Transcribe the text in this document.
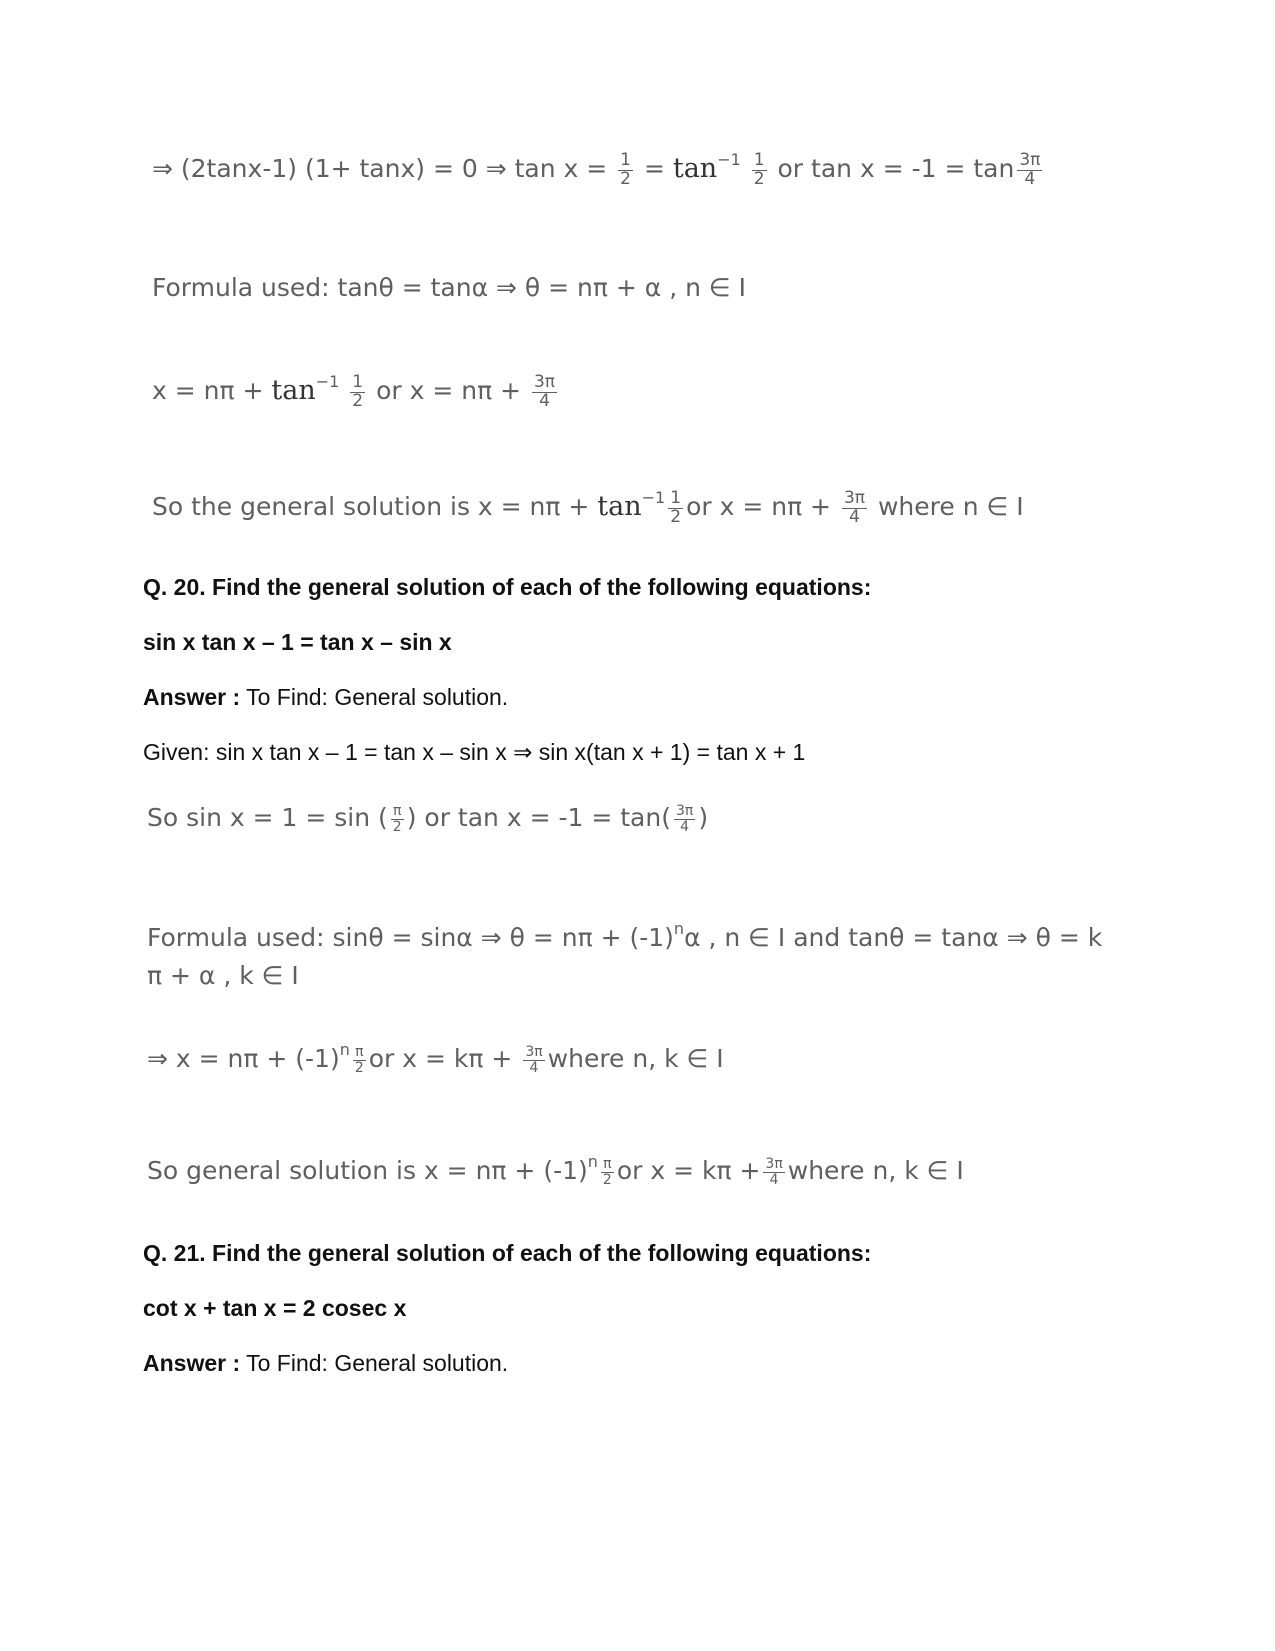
⇒ (2tanx-1) (1+ tanx) = 0 ⇒ $\tan x = \frac{1}{2} = \tan^{-1} \frac{1}{2}$ or $\tan x = -1 = \tan \frac{3\pi}{4}$
Formula used: tanθ = tanα ⇒ θ = nπ + α , n ∈ I
$x = n\pi + \tan^{-1} \frac{1}{2}$ or $x = n\pi + \frac{3\pi}{4}$
So the general solution is $x = n\pi + \tan^{-1} \frac{1}{2}$ or $x = n\pi + \frac{3\pi}{4}$ where n ∈ I
Q. 20. Find the general solution of each of the following equations:
sin x tan x – 1 = tan x – sin x
Answer : To Find: General solution.
Given: sin x tan x – 1 = tan x – sin x ⇒ sin x(tan x + 1) = tan x + 1
So sin x = 1 = sin ( $\frac{\pi}{2}$ ) or $\tan x = -1 = \tan( \frac{3\pi}{4}$ )
Formula used: sinθ = sinα ⇒ $\theta = n\pi + (-1)^n\alpha$ , n ∈ I and tanθ = tanα ⇒ θ = k
π + α , k ∈ I
⇒ $x = n\pi + (-1)^n \frac{\pi}{2}$ or $x = k\pi + \frac{3\pi}{4}$ where n, k ∈ I
So general solution is $x = n\pi + (-1)^n \frac{\pi}{2}$ or $x = k\pi + \frac{3\pi}{4}$ where n, k ∈ I
Q. 21. Find the general solution of each of the following equations:
cot x + tan x = 2 cosec x
Answer : To Find: General solution.
